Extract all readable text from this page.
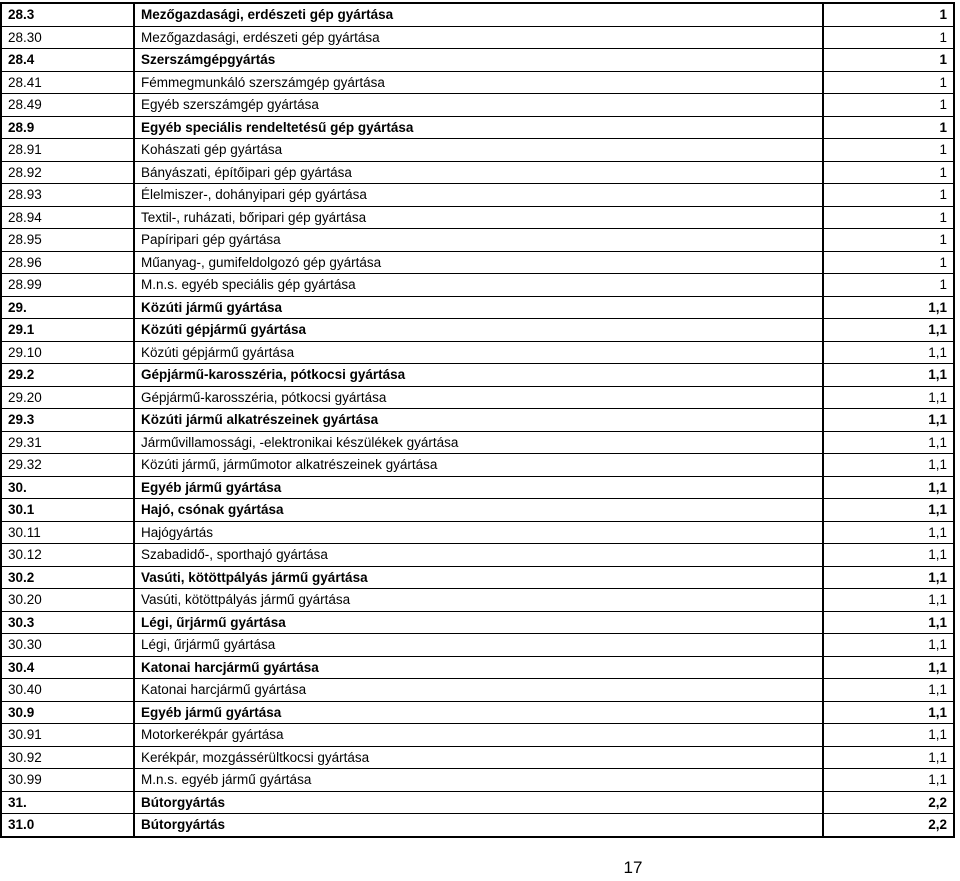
28.3	Mezőgazdasági, erdészeti gép gyártása	1
28.30	Mezőgazdasági, erdészeti gép gyártása	1
28.4	Szerszámgépgyártás	1
28.41	Fémmegmunkáló szerszámgép gyártása	1
28.49	Egyéb szerszámgép gyártása	1
28.9	Egyéb speciális rendeltetésű gép gyártása	1
28.91	Kohászati gép gyártása	1
28.92	Bányászati, építőipari gép gyártása	1
28.93	Élelmiszer-, dohányipari gép gyártása	1
28.94	Textil-, ruházati, bőripari gép gyártása	1
28.95	Papíripari gép gyártása	1
28.96	Műanyag-, gumifeldolgozó gép gyártása	1
28.99	M.n.s. egyéb speciális gép gyártása	1
29.	Közúti jármű gyártása	1,1
29.1	Közúti gépjármű gyártása	1,1
29.10	Közúti gépjármű gyártása	1,1
29.2	Gépjármű-karosszéria, pótkocsi gyártása	1,1
29.20	Gépjármű-karosszéria, pótkocsi gyártása	1,1
29.3	Közúti jármű alkatrészeinek gyártása	1,1
29.31	Járművillamossági, -elektronikai készülékek gyártása	1,1
29.32	Közúti jármű, járműmotor alkatrészeinek gyártása	1,1
30.	Egyéb jármű gyártása	1,1
30.1	Hajó, csónak gyártása	1,1
30.11	Hajógyártás	1,1
30.12	Szabadidő-, sporthajó gyártása	1,1
30.2	Vasúti, kötöttpályás jármű gyártása	1,1
30.20	Vasúti, kötöttpályás jármű gyártása	1,1
30.3	Légi, űrjármű gyártása	1,1
30.30	Légi, űrjármű gyártása	1,1
30.4	Katonai harcjármű gyártása	1,1
30.40	Katonai harcjármű gyártása	1,1
30.9	Egyéb jármű gyártása	1,1
30.91	Motorkerékpár gyártása	1,1
30.92	Kerékpár, mozgássérültkocsi gyártása	1,1
30.99	M.n.s. egyéb jármű gyártása	1,1
31.	Bútorgyártás	2,2
31.0	Bútorgyártás	2,2
17
